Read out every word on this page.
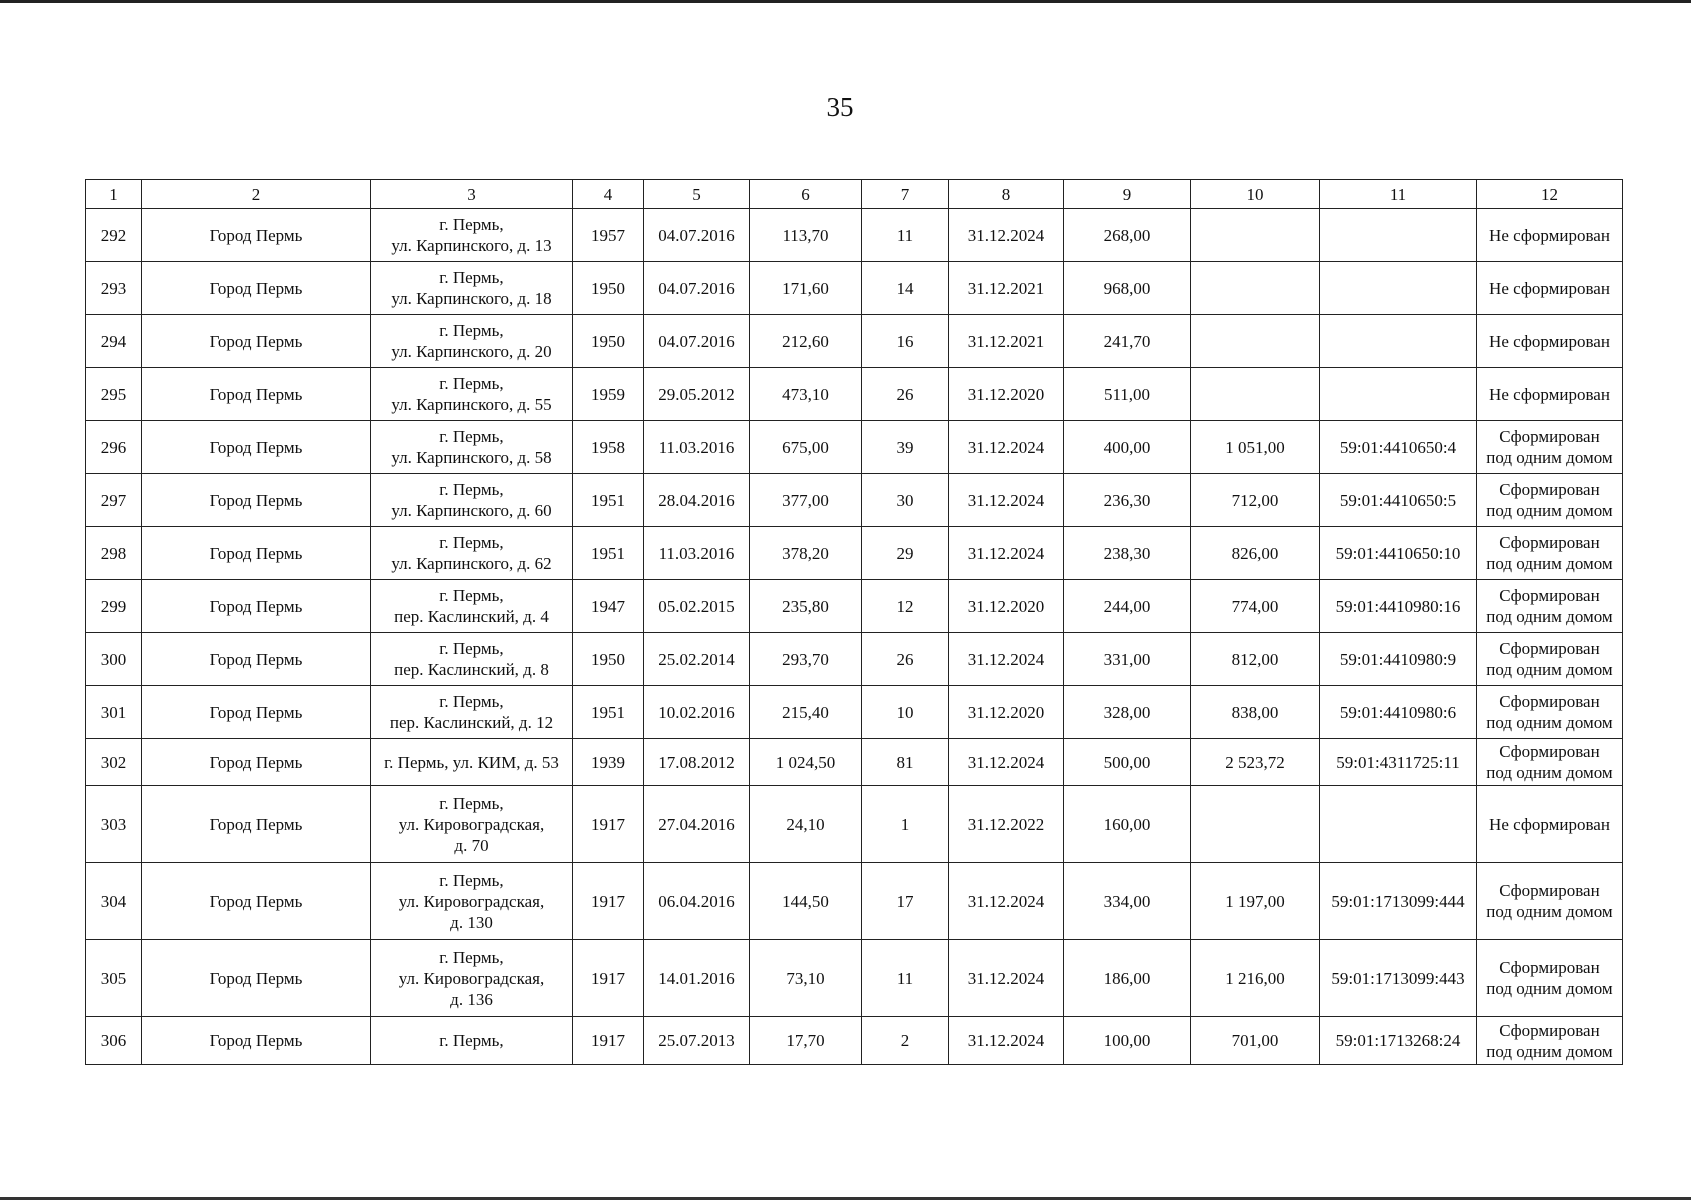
35
1	2	3	4	5	6	7	8	9	10	11	12
292	Город Пермь	г. Пермь,
ул. Карпинского, д. 13	1957	04.07.2016	113,70	11	31.12.2024	268,00			Не сформирован

293	Город Пермь	г. Пермь,
ул. Карпинского, д. 18	1950	04.07.2016	171,60	14	31.12.2021	968,00			Не сформирован

294	Город Пермь	г. Пермь,
ул. Карпинского, д. 20	1950	04.07.2016	212,60	16	31.12.2021	241,70			Не сформирован

295	Город Пермь	г. Пермь,
ул. Карпинского, д. 55	1959	29.05.2012	473,10	26	31.12.2020	511,00			Не сформирован

296	Город Пермь	г. Пермь,
ул. Карпинского, д. 58	1958	11.03.2016	675,00	39	31.12.2024	400,00	1 051,00	59:01:4410650:4	Сформирован
под одним домом

297	Город Пермь	г. Пермь,
ул. Карпинского, д. 60	1951	28.04.2016	377,00	30	31.12.2024	236,30	712,00	59:01:4410650:5	Сформирован
под одним домом

298	Город Пермь	г. Пермь,
ул. Карпинского, д. 62	1951	11.03.2016	378,20	29	31.12.2024	238,30	826,00	59:01:4410650:10	Сформирован
под одним домом

299	Город Пермь	г. Пермь,
пер. Каслинский, д. 4	1947	05.02.2015	235,80	12	31.12.2020	244,00	774,00	59:01:4410980:16	Сформирован
под одним домом

300	Город Пермь	г. Пермь,
пер. Каслинский, д. 8	1950	25.02.2014	293,70	26	31.12.2024	331,00	812,00	59:01:4410980:9	Сформирован
под одним домом

301	Город Пермь	г. Пермь,
пер. Каслинский, д. 12	1951	10.02.2016	215,40	10	31.12.2020	328,00	838,00	59:01:4410980:6	Сформирован
под одним домом

302	Город Пермь	г. Пермь, ул. КИМ, д. 53	1939	17.08.2012	1 024,50	81	31.12.2024	500,00	2 523,72	59:01:4311725:11	Сформирован
под одним домом

303	Город Пермь	г. Пермь,
ул. Кировоградская,
д. 70	1917	27.04.2016	24,10	1	31.12.2022	160,00			Не сформирован

304	Город Пермь	г. Пермь,
ул. Кировоградская,
д. 130	1917	06.04.2016	144,50	17	31.12.2024	334,00	1 197,00	59:01:1713099:444	Сформирован
под одним домом

305	Город Пермь	г. Пермь,
ул. Кировоградская,
д. 136	1917	14.01.2016	73,10	11	31.12.2024	186,00	1 216,00	59:01:1713099:443	Сформирован
под одним домом

306	Город Пермь	г. Пермь,	1917	25.07.2013	17,70	2	31.12.2024	100,00	701,00	59:01:1713268:24	Сформирован
под одним домом
